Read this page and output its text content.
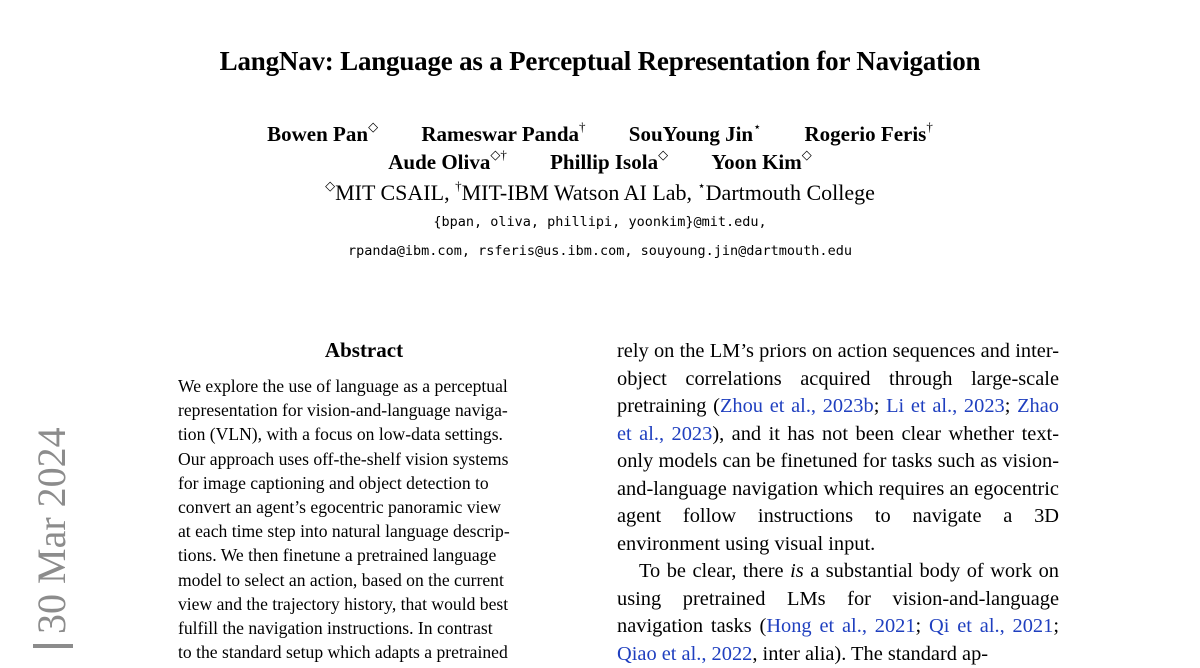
LangNav: Language as a Perceptual Representation for Navigation
Bowen Pan◇ Rameswar Panda† SouYoung Jin⋆ Rogerio Feris†
Aude Oliva◇† Phillip Isola◇ Yoon Kim◇
◇MIT CSAIL, †MIT-IBM Watson AI Lab, ⋆Dartmouth College
{bpan, oliva, phillipi, yoonkim}@mit.edu,
rpanda@ibm.com, rsferis@us.ibm.com, souyoung.jin@dartmouth.edu
30 Mar 2024
Abstract
We explore the use of language as a perceptual
representation for vision-and-language naviga-
tion (VLN), with a focus on low-data settings.
Our approach uses off-the-shelf vision systems
for image captioning and object detection to
convert an agent’s egocentric panoramic view
at each time step into natural language descrip-
tions. We then finetune a pretrained language
model to select an action, based on the current
view and the trajectory history, that would best
fulfill the navigation instructions. In contrast
to the standard setup which adapts a pretrained

rely on the LM’s priors on action sequences and inter-object correlations acquired through large-scale pretraining (Zhou et al., 2023b; Li et al., 2023; Zhao et al., 2023), and it has not been clear whether text-only models can be finetuned for tasks such as vision-and-language navigation which requires an egocentric agent follow instructions to navigate a 3D environment using visual input.

To be clear, there is a substantial body of work on using pretrained LMs for vision-and-language navigation tasks (Hong et al., 2021; Qi et al., 2021; Qiao et al., 2022, inter alia). The standard ap-
